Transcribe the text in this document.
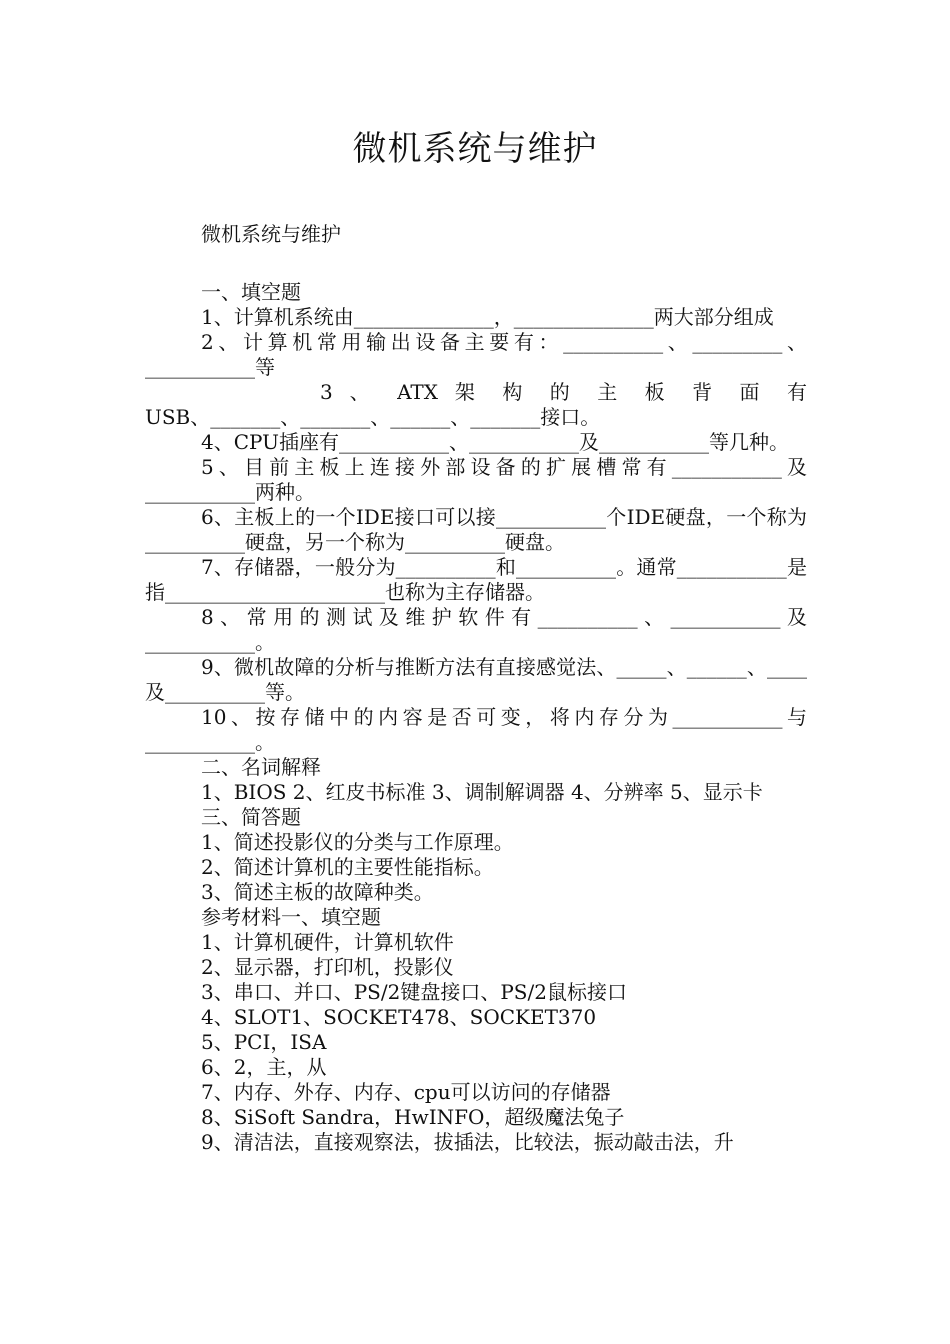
微机系统与维护

微机系统与维护

一、填空题

1、计算机系统由______________，______________两大部分组成

2、计算机常用输出设备主要有：__________、_________、___________等

3 、 ATX 架 构 的 主 板 背 面 有

USB、_______、_______、______、_______接口。

4、CPU插座有___________、___________及___________等几种。

5、目前主板上连接外部设备的扩展槽常有___________及___________两种。

6、主板上的一个IDE接口可以接___________个IDE硬盘，一个称为__________硬盘，另一个称为__________硬盘。

7、存储器，一般分为__________和__________。通常___________是指______________________也称为主存储器。

8、常用的测试及维护软件有__________、___________及___________。

9、微机故障的分析与推断方法有直接感觉法、_____、______、____ 及__________等。

10、按存储中的内容是否可变，将内存分为___________与___________。

二、名词解释

1、BIOS 2、红皮书标准 3、调制解调器 4、分辨率 5、显示卡

三、简答题

1、简述投影仪的分类与工作原理。

2、简述计算机的主要性能指标。

3、简述主板的故障种类。

参考材料一、填空题

1、计算机硬件，计算机软件

2、显示器，打印机，投影仪

3、串口、并口、PS/2键盘接口、PS/2鼠标接口

4、SLOT1、SOCKET478、SOCKET370

5、PCI，ISA

6、2，主，从

7、内存、外存、内存、cpu可以访问的存储器

8、SiSoft Sandra，HwINFO，超级魔法兔子

9、清洁法，直接观察法，拔插法，比较法，振动敲击法，升
